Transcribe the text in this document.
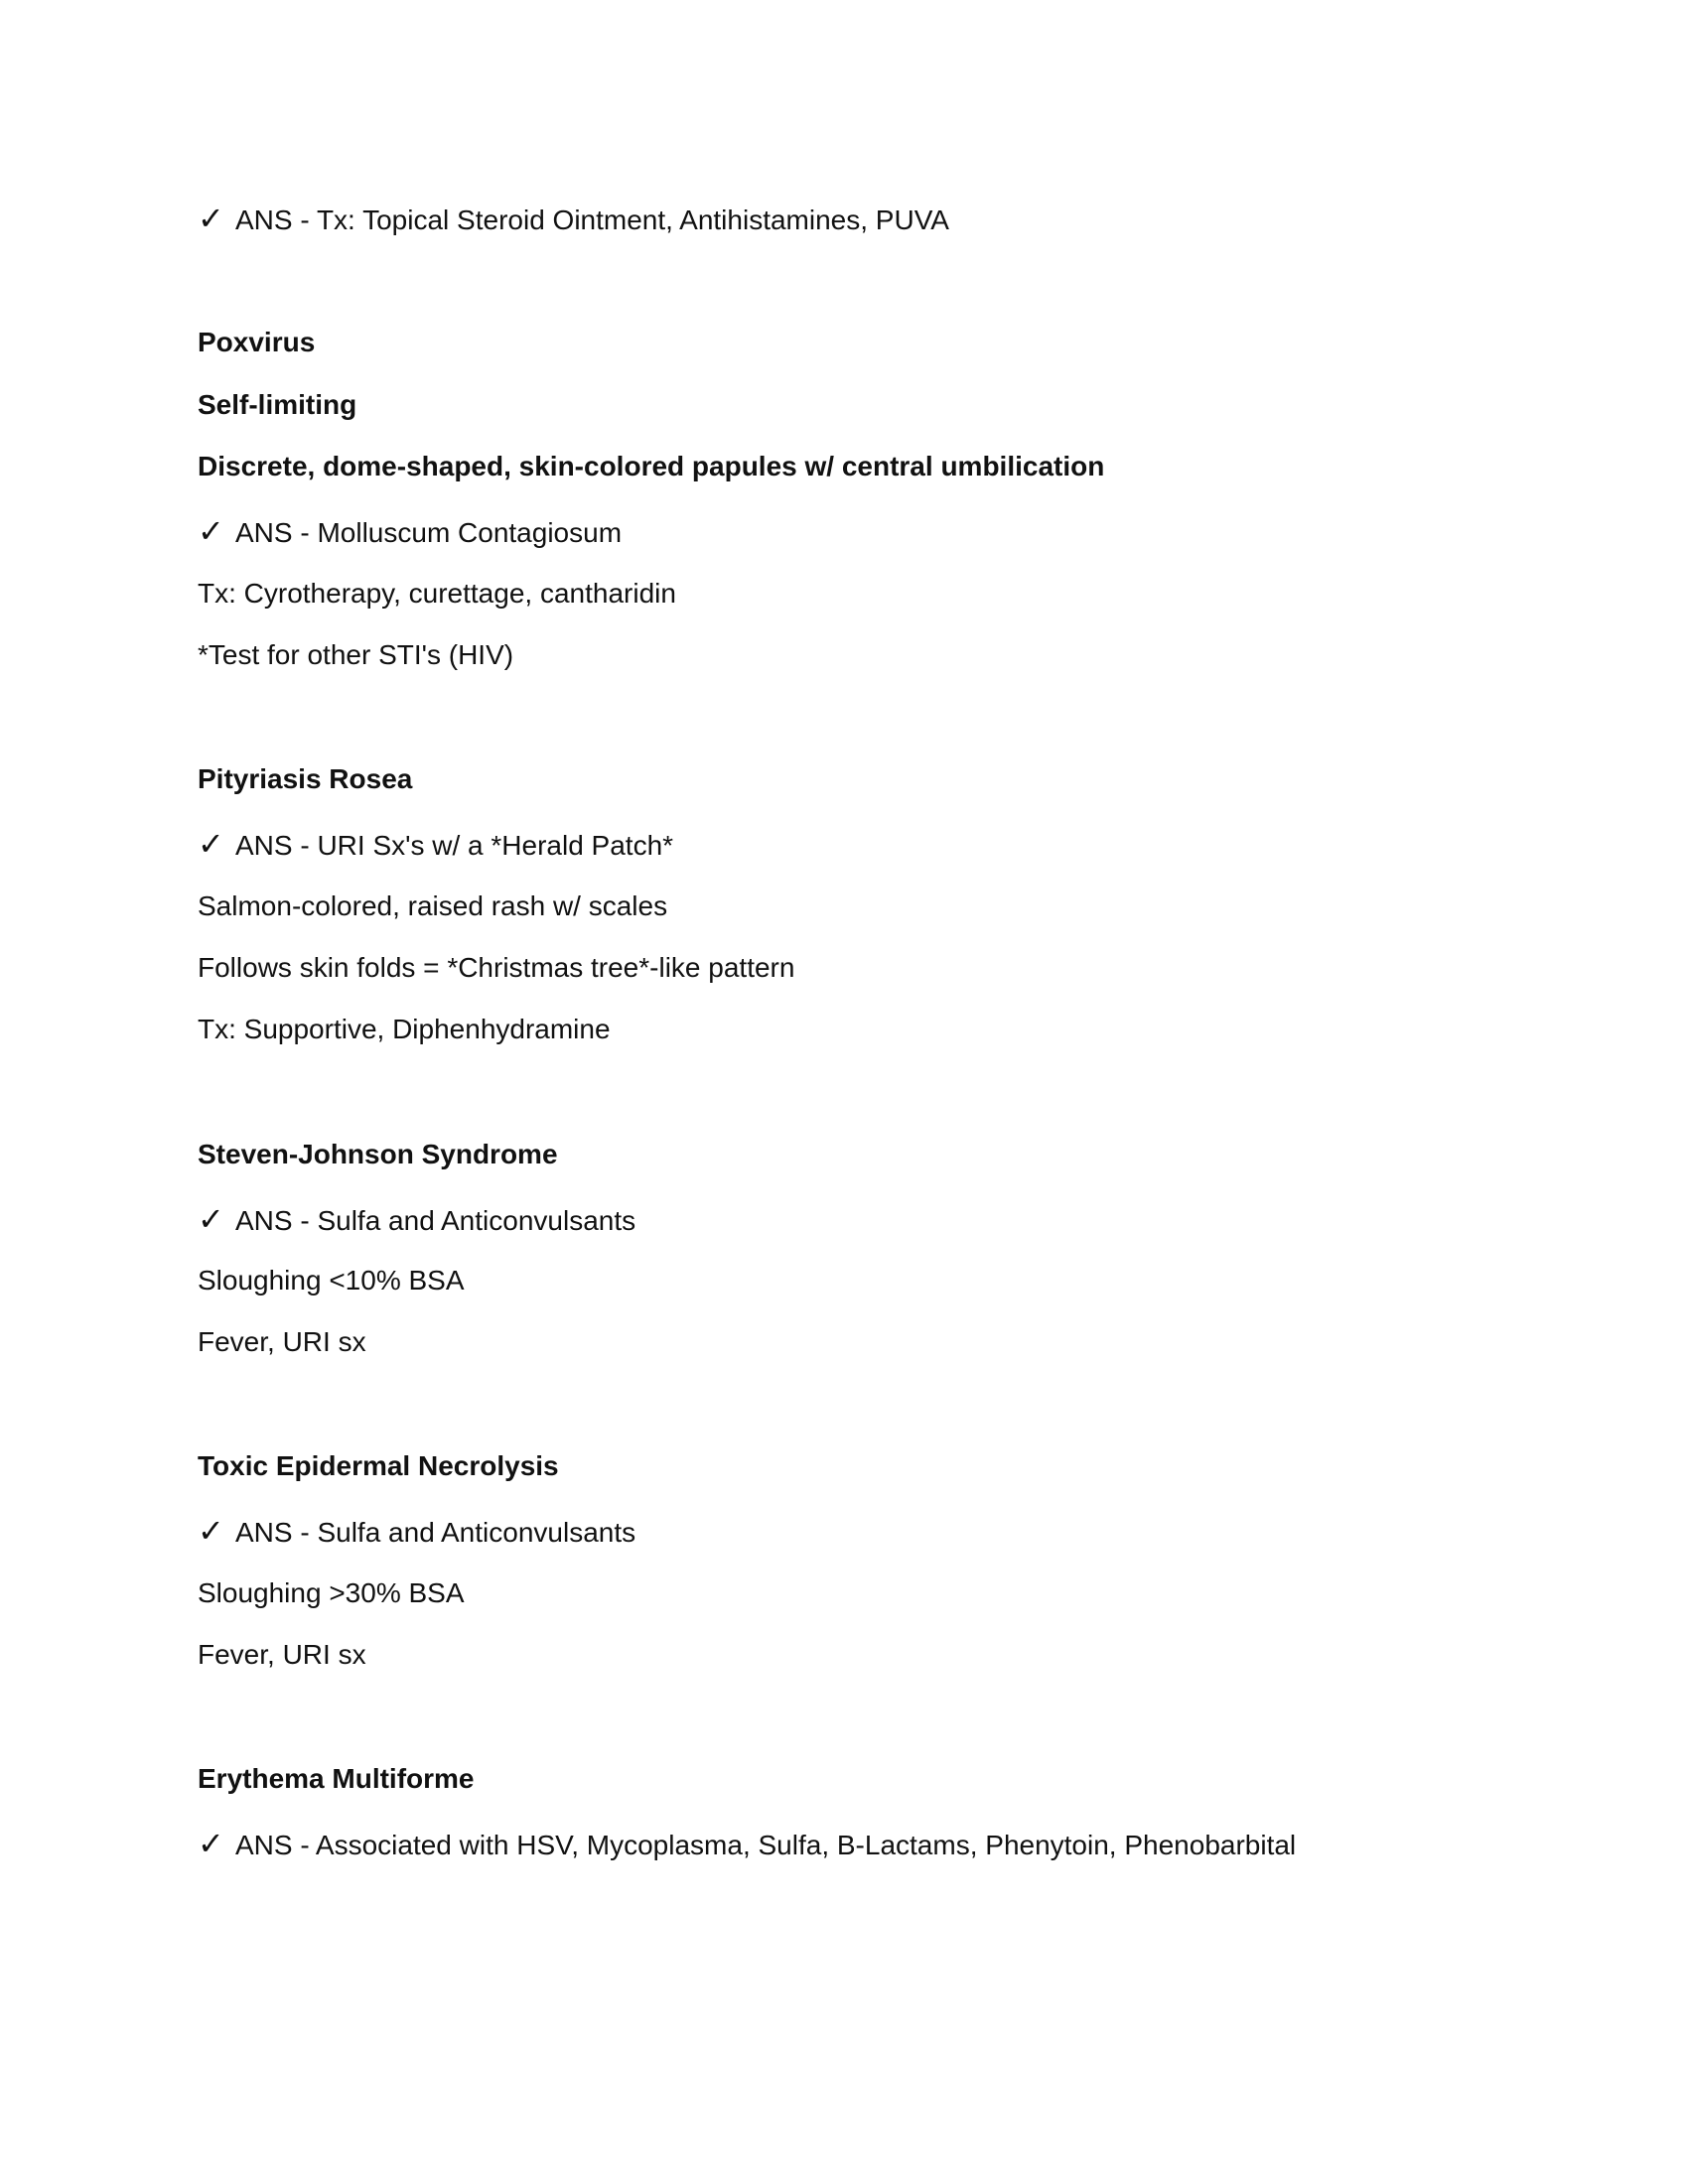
✓ ANS - Tx: Topical Steroid Ointment, Antihistamines, PUVA
Poxvirus
Self-limiting
Discrete, dome-shaped, skin-colored papules w/ central umbilication
✓ ANS - Molluscum Contagiosum
Tx: Cyrotherapy, curettage, cantharidin
*Test for other STI's (HIV)
Pityriasis Rosea
✓ ANS - URI Sx's w/ a *Herald Patch*
Salmon-colored, raised rash w/ scales
Follows skin folds = *Christmas tree*-like pattern
Tx: Supportive, Diphenhydramine
Steven-Johnson Syndrome
✓ ANS - Sulfa and Anticonvulsants
Sloughing <10% BSA
Fever, URI sx
Toxic Epidermal Necrolysis
✓ ANS - Sulfa and Anticonvulsants
Sloughing >30% BSA
Fever, URI sx
Erythema Multiforme
✓ ANS - Associated with HSV, Mycoplasma, Sulfa, B-Lactams, Phenytoin, Phenobarbital
